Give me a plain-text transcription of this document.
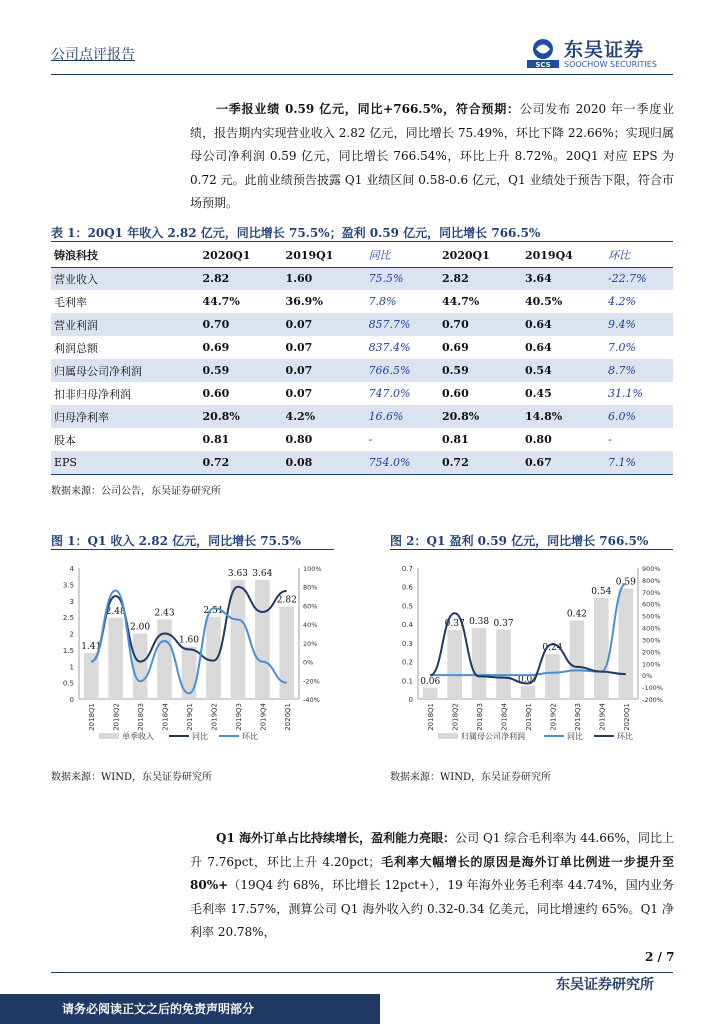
公司点评报告
SCS
东吴证券
SOOCHOW SECURITIES
一季报业绩 0.59 亿元，同比+766.5%，符合预期：公司发布 2020 年一季度业绩，报告期内实现营业收入 2.82 亿元，同比增长 75.49%，环比下降 22.66%；实现归属母公司净利润 0.59 亿元，同比增长 766.54%，环比上升 8.72%。20Q1 对应 EPS 为 0.72 元。此前业绩预告披露 Q1 业绩区间 0.58-0.6 亿元，Q1 业绩处于预告下限，符合市场预期。
表 1：20Q1 年收入 2.82 亿元，同比增长 75.5%；盈利 0.59 亿元，同比增长 766.5%
铸浪科技	2020Q1	2019Q1	同比	2020Q1	2019Q4	环比
营业收入	2.82	1.60	75.5%	2.82	3.64	-22.7%
毛利率	44.7%	36.9%	7.8%	44.7%	40.5%	4.2%
营业利润	0.70	0.07	857.7%	0.70	0.64	9.4%
利润总额	0.69	0.07	837.4%	0.69	0.64	7.0%
归属母公司净利润	0.59	0.07	766.5%	0.59	0.54	8.7%
扣非归母净利润	0.60	0.07	747.0%	0.60	0.45	31.1%
归母净利率	20.8%	4.2%	16.6%	20.8%	14.8%	6.0%
股本	0.81	0.80	-	0.81	0.80	-
EPS	0.72	0.08	754.0%	0.72	0.67	7.1%
数据来源：公司公告，东吴证券研究所
图 1：Q1 收入 2.82 亿元，同比增长 75.5%
0
0.5
1
1.5
2
2.5
3
3.5
4
-40%
-20%
0%
20%
40%
60%
80%
100%
1.41
2.48
2.00
2.43
1.60
2.51
3.63 3.64
2.82
2018Q1 2018Q2 2018Q3 2018Q4 2019Q1 2019Q2 2019Q3 2019Q4 2020Q1
单季收入	同比	环比
数据来源：WIND，东吴证券研究所
图 2：Q1 盈利 0.59 亿元，同比增长 766.5%
0
0.1
0.2
0.3
0.4
0.5
0.6
0.7
-200%
-100%
0%
100%
200%
300%
400%
500%
600%
700%
800%
900%
0.06
0.37 0.38 0.37
0.07
0.24
0.42
0.54
0.59
2018Q1 2018Q2 2018Q3 2018Q4 2019Q1 2019Q2 2019Q3 2019Q4 2020Q1
归属母公司净利润	同比	环比
数据来源：WIND，东吴证券研究所
Q1 海外订单占比持续增长，盈利能力亮眼：公司 Q1 综合毛利率为 44.66%，同比上升 7.76pct，环比上升 4.20pct；毛利率大幅增长的原因是海外订单比例进一步提升至 80%+（19Q4 约 68%，环比增长 12pct+），19 年海外业务毛利率 44.74%，国内业务毛利率 17.57%，测算公司 Q1 海外收入约 0.32-0.34 亿美元，同比增速约 65%。Q1 净利率 20.78%，
2 / 7
东吴证券研究所
请务必阅读正文之后的免责声明部分
